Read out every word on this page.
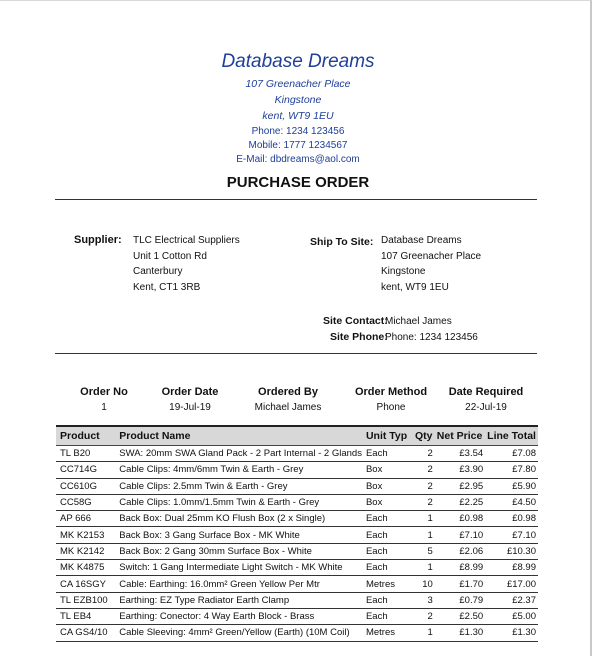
Database Dreams
107 Greenacher Place
Kingstone
kent, WT9 1EU
Phone: 1234 123456
Mobile: 1777 1234567
E-Mail: dbdreams@aol.com
PURCHASE ORDER
Supplier: TLC Electrical Suppliers
Unit 1 Cotton Rd
Canterbury
Kent, CT1 3RB
Ship To Site: Database Dreams
107 Greenacher Place
Kingstone
kent, WT9 1EU
Site Contact:
Michael James
Site Phone:
Phone: 1234 123456
Order No	Order Date	Ordered By	Order Method	Date Required
1	19-Jul-19	Michael James	Phone	22-Jul-19
Product	Product Name	Unit Typ	Qty	Net Price	Line Total
TL B20	SWA: 20mm SWA Gland Pack - 2 Part Internal - 2 Glands	Each	2	£3.54	£7.08
CC714G	Cable Clips: 4mm/6mm Twin & Earth - Grey	Box	2	£3.90	£7.80
CC610G	Cable Clips: 2.5mm Twin & Earth - Grey	Box	2	£2.95	£5.90
CC58G	Cable Clips: 1.0mm/1.5mm Twin & Earth - Grey	Box	2	£2.25	£4.50
AP 666	Back Box: Dual 25mm KO Flush Box (2 x Single)	Each	1	£0.98	£0.98
MK K2153	Back Box: 3 Gang Surface Box - MK White	Each	1	£7.10	£7.10
MK K2142	Back Box: 2 Gang 30mm Surface Box - White	Each	5	£2.06	£10.30
MK K4875	Switch: 1 Gang Intermediate Light Switch - MK White	Each	1	£8.99	£8.99
CA 16SGY	Cable: Earthing: 16.0mm² Green Yellow Per Mtr	Metres	10	£1.70	£17.00
TL EZB100	Earthing: EZ Type Radiator Earth Clamp	Each	3	£0.79	£2.37
TL EB4	Earthing: Conector: 4 Way Earth Block - Brass	Each	2	£2.50	£5.00
CA GS4/10	Cable Sleeving: 4mm² Green/Yellow (Earth) (10M Coil)	Metres	1	£1.30	£1.30
